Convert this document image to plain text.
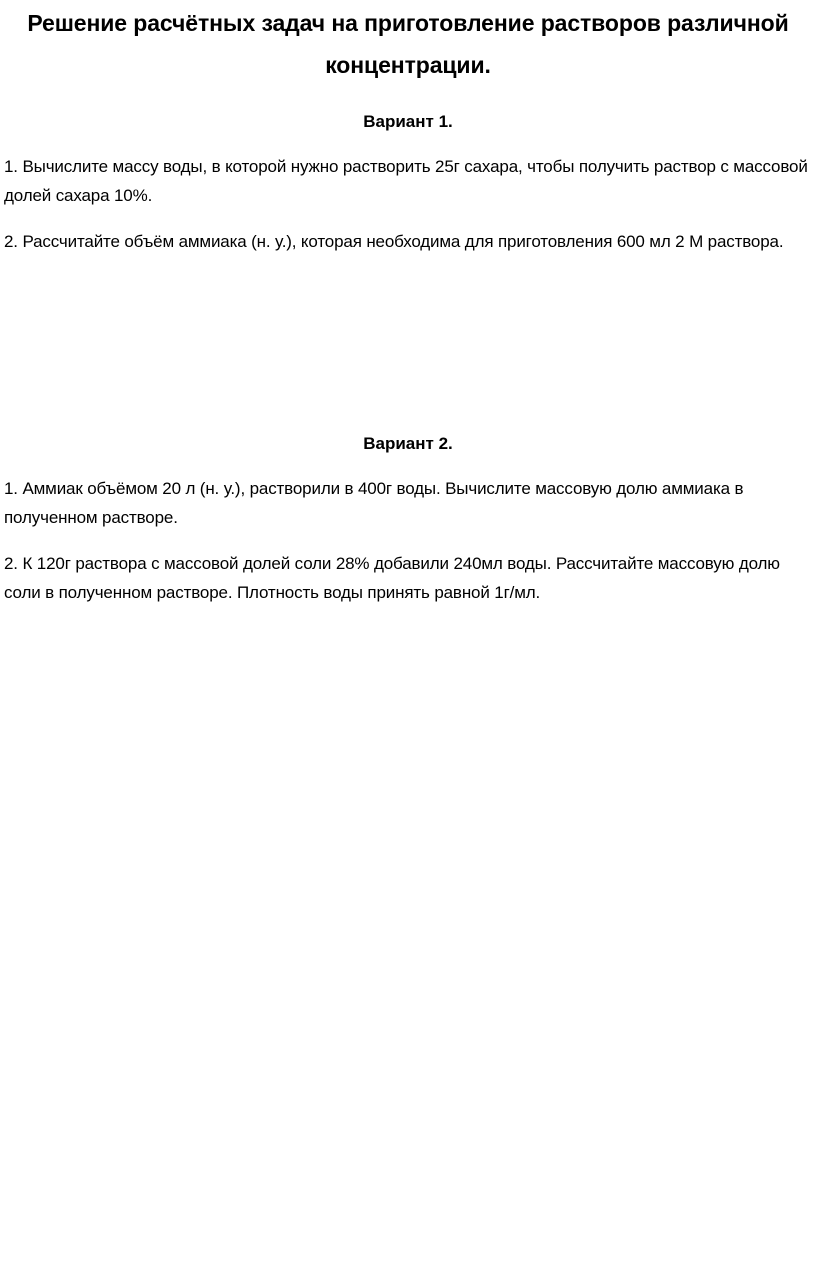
Решение расчётных задач на приготовление растворов различной концентрации.
Вариант 1.

1. Вычислите массу воды, в которой нужно растворить 25г сахара, чтобы получить раствор с массовой долей сахара 10%.

2. Рассчитайте объём аммиака (н. у.), которая необходима для приготовления 600 мл 2 М раствора.

Вариант 2.

1. Аммиак объёмом 20 л (н. у.), растворили в 400г воды. Вычислите массовую долю аммиака в полученном растворе.

2. К 120г раствора с массовой долей соли 28% добавили 240мл воды. Рассчитайте массовую долю соли в полученном растворе. Плотность воды принять равной 1г/мл.
